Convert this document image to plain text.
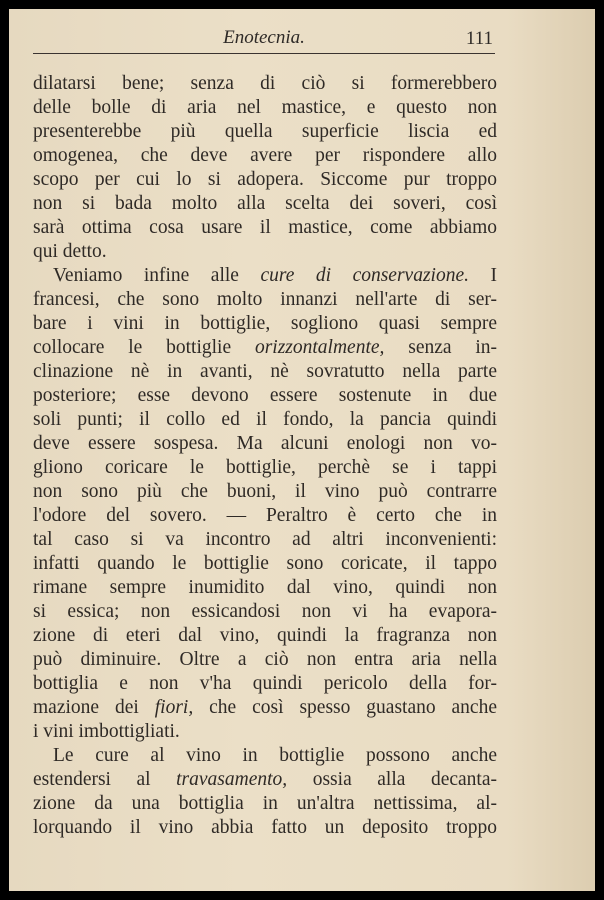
Enotecnia.	111
dilatarsi bene; senza di ciò si formerebbero
delle bolle di aria nel mastice, e questo non
presenterebbe più quella superficie liscia ed
omogenea, che deve avere per rispondere allo
scopo per cui lo si adopera. Siccome pur troppo
non si bada molto alla scelta dei soveri, così
sarà ottima cosa usare il mastice, come abbiamo
qui detto.
Veniamo infine alle cure di conservazione. I
francesi, che sono molto innanzi nell'arte di ser-
bare i vini in bottiglie, sogliono quasi sempre
collocare le bottiglie orizzontalmente, senza in-
clinazione nè in avanti, nè sovratutto nella parte
posteriore; esse devono essere sostenute in due
soli punti; il collo ed il fondo, la pancia quindi
deve essere sospesa. Ma alcuni enologi non vo-
gliono coricare le bottiglie, perchè se i tappi
non sono più che buoni, il vino può contrarre
l'odore del sovero. — Peraltro è certo che in
tal caso si va incontro ad altri inconvenienti:
infatti quando le bottiglie sono coricate, il tappo
rimane sempre inumidito dal vino, quindi non
si essica; non essicandosi non vi ha evapora-
zione di eteri dal vino, quindi la fragranza non
può diminuire. Oltre a ciò non entra aria nella
bottiglia e non v'ha quindi pericolo della for-
mazione dei fiori, che così spesso guastano anche
i vini imbottigliati.
Le cure al vino in bottiglie possono anche
estendersi al travasamento, ossia alla decanta-
zione da una bottiglia in un'altra nettissima, al-
lorquando il vino abbia fatto un deposito troppo
